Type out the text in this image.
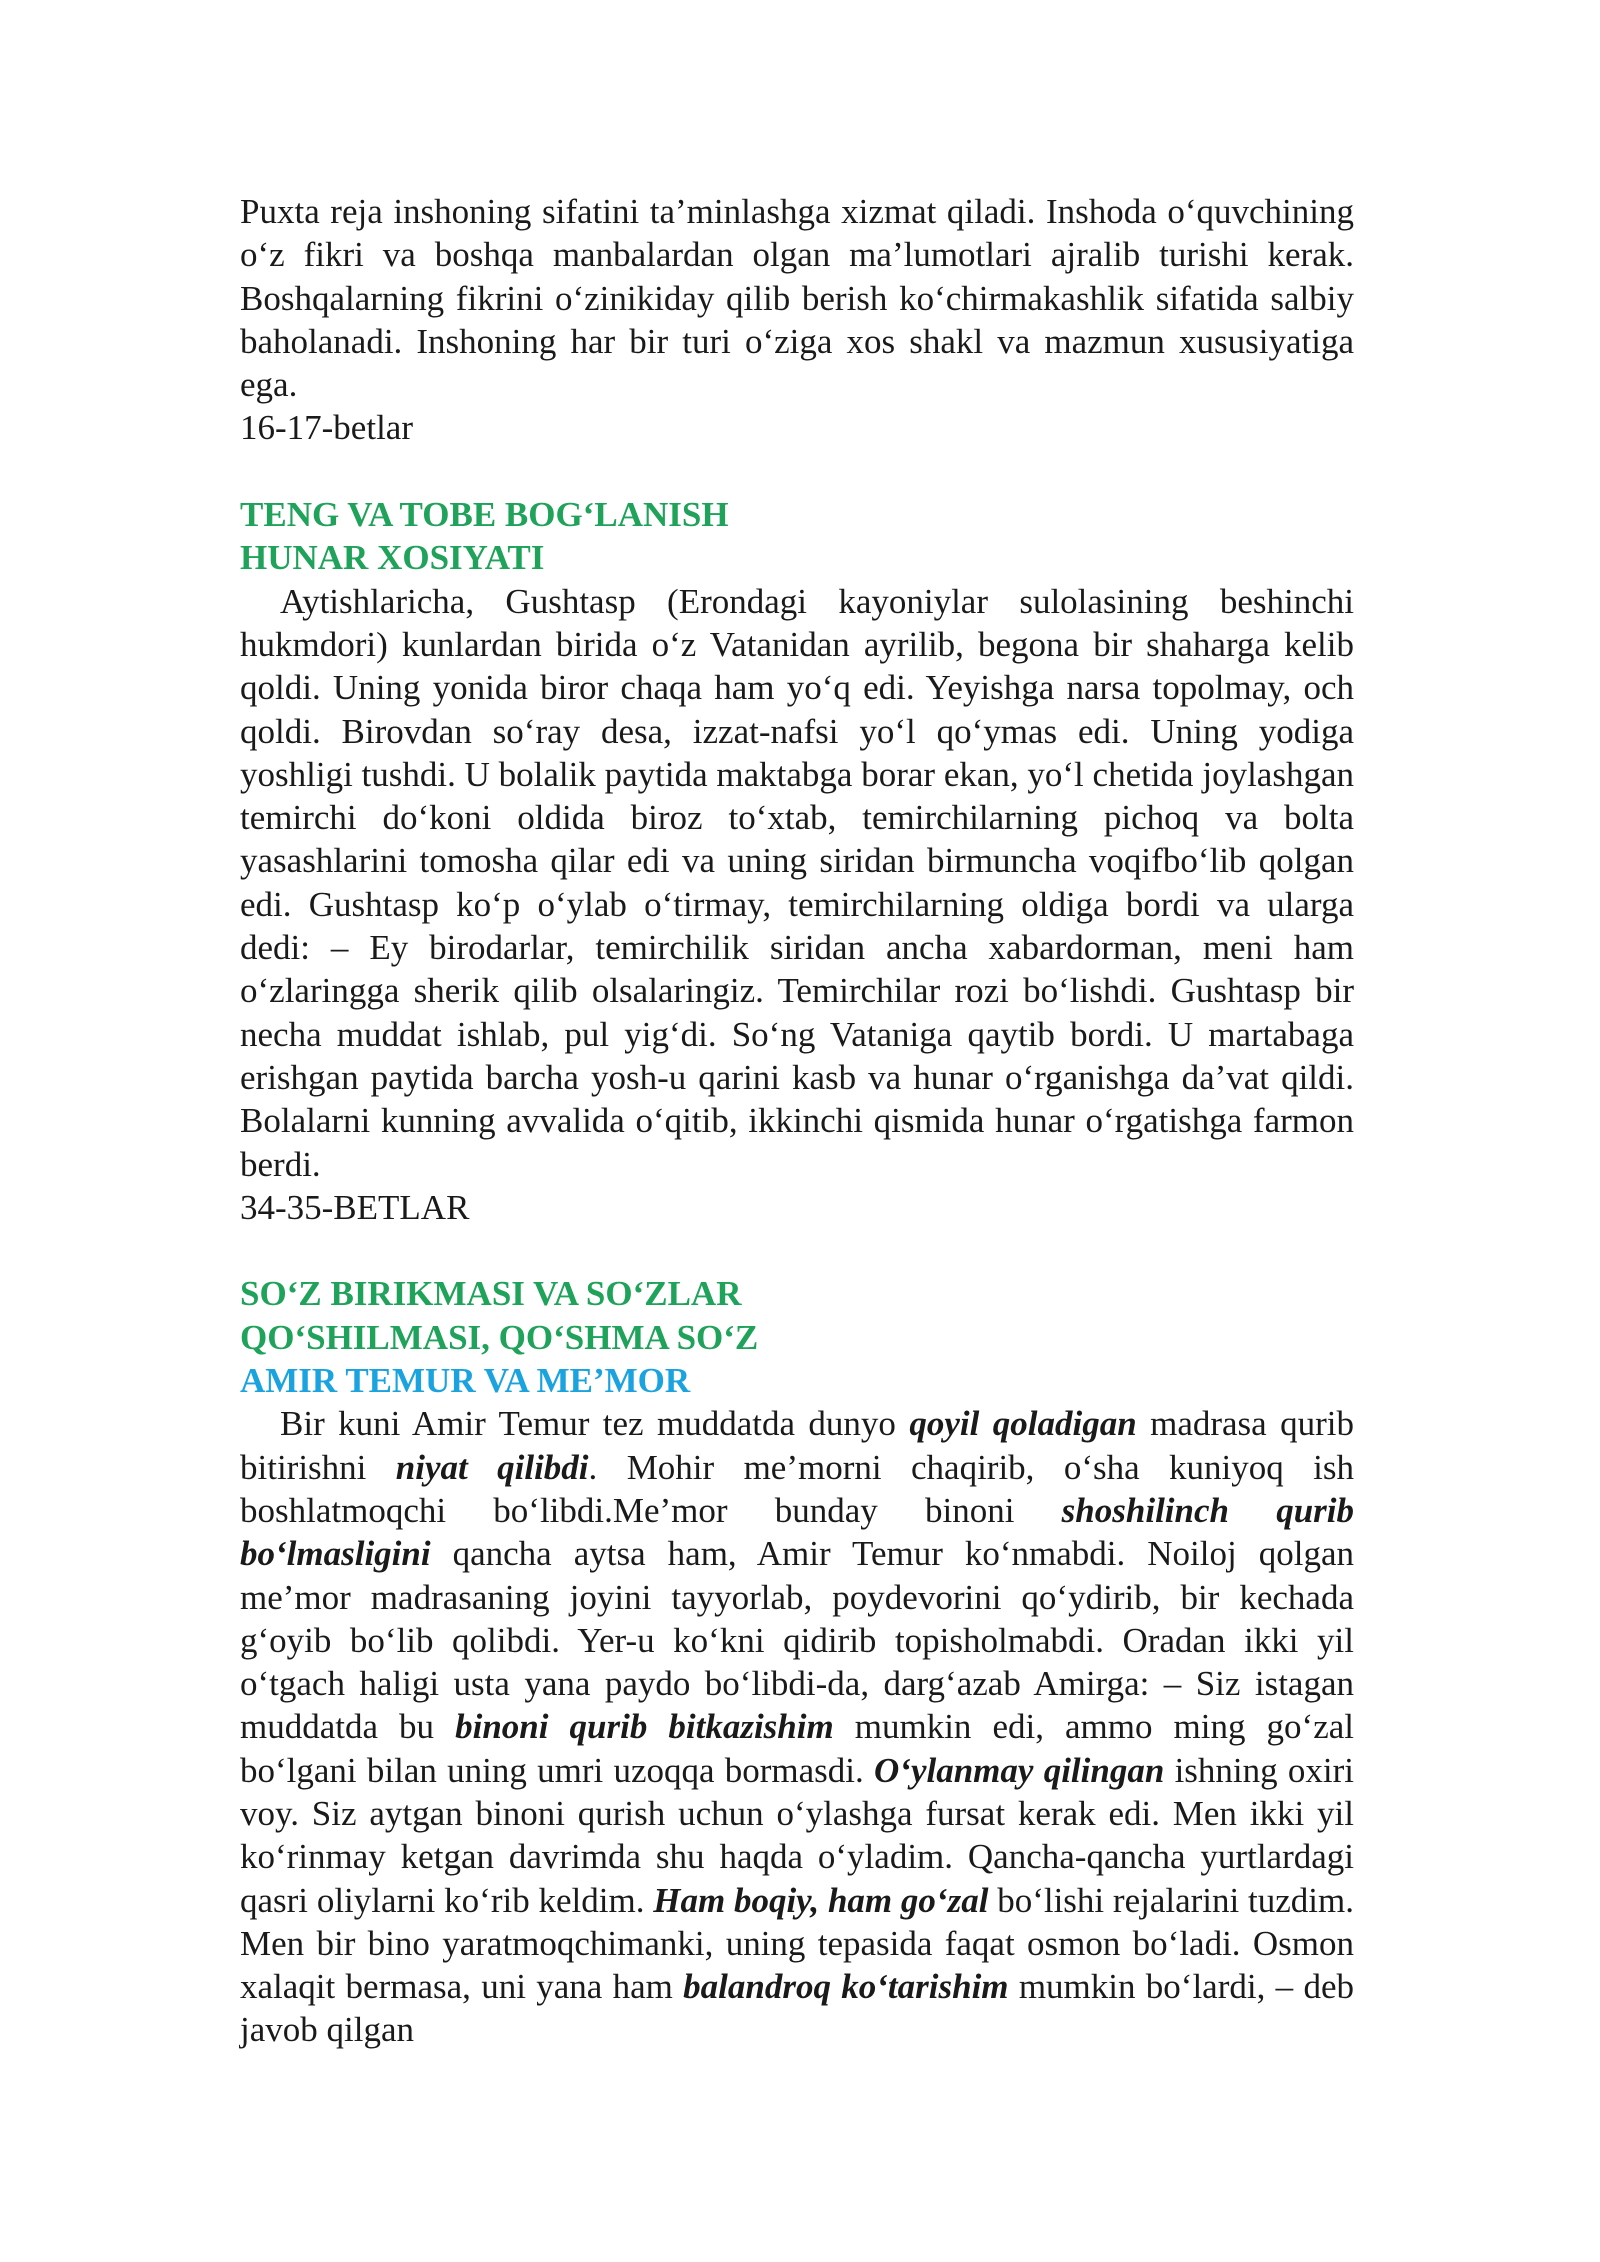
Puxta reja inshoning sifatini ta’minlashga xizmat qiladi. Inshoda o‘quvchining o‘z fikri va boshqa manbalardan olgan ma’lumotlari ajralib turishi kerak. Boshqalarning fikrini o‘zinikiday qilib berish ko‘chirmakashlik sifatida salbiy baholanadi. Inshoning har bir turi o‘ziga xos shakl va mazmun xususiyatiga ega.

16-17-betlar

TENG VA TOBE BOG‘LANISH

HUNAR XOSIYATI

Aytishlaricha, Gushtasp (Erondagi kayoniylar sulolasining beshinchi hukmdori) kunlardan birida o‘z Vatanidan ayrilib, begona bir shaharga kelib qoldi. Uning yonida biror chaqa ham yo‘q edi. Yeyishga narsa topolmay, och qoldi. Birovdan so‘ray desa, izzat-nafsi yo‘l qo‘ymas edi. Uning yodiga yoshligi tushdi. U bolalik paytida maktabga borar ekan, yo‘l chetida joylashgan temirchi do‘koni oldida biroz to‘xtab, temirchilarning pichoq va bolta yasashlarini tomosha qilar edi va uning siridan birmuncha voqifbo‘lib qolgan edi. Gushtasp ko‘p o‘ylab o‘tirmay, temirchilarning oldiga bordi va ularga dedi: – Ey birodarlar, temirchilik siridan ancha xabardorman, meni ham o‘zlaringga sherik qilib olsalaringiz. Temirchilar rozi bo‘lishdi. Gushtasp bir necha muddat ishlab, pul yig‘di. So‘ng Vataniga qaytib bordi. U martabaga erishgan paytida barcha yosh-u qarini kasb va hunar o‘rganishga da’vat qildi. Bolalarni kunning avvalida o‘qitib, ikkinchi qismida hunar o‘rgatishga farmon berdi.

34-35-BETLAR

SO‘Z BIRIKMASI VA SO‘ZLAR

QO‘SHILMASI, QO‘SHMA SO‘Z

AMIR TEMUR VA ME’MOR

Bir kuni Amir Temur tez muddatda dunyo qoyil qoladigan madrasa qurib bitirishni niyat qilibdi. Mohir me’morni chaqirib, o‘sha kuniyoq ish boshlatmoqchi bo‘libdi.Me’mor bunday binoni shoshilinch qurib bo‘lmasligini qancha aytsa ham, Amir Temur ko‘nmabdi. Noiloj qolgan me’mor madrasaning joyini tayyorlab, poydevorini qo‘ydirib, bir kechada g‘oyib bo‘lib qolibdi. Yer-u ko‘kni qidirib topisholmabdi. Oradan ikki yil o‘tgach haligi usta yana paydo bo‘libdi-da, darg‘azab Amirga: – Siz istagan muddatda bu binoni qurib bitkazishim mumkin edi, ammo ming go‘zal bo‘lgani bilan uning umri uzoqqa bormasdi. O‘ylanmay qilingan ishning oxiri voy. Siz aytgan binoni qurish uchun o‘ylashga fursat kerak edi. Men ikki yil ko‘rinmay ketgan davrimda shu haqda o‘yladim. Qancha-qancha yurtlardagi qasri oliylarni ko‘rib keldim. Ham boqiy, ham go‘zal bo‘lishi rejalarini tuzdim. Men bir bino yaratmoqchimanki, uning tepasida faqat osmon bo‘ladi. Osmon xalaqit bermasa, uni yana ham balandroq ko‘tarishim mumkin bo‘lardi, – deb javob qilgan
